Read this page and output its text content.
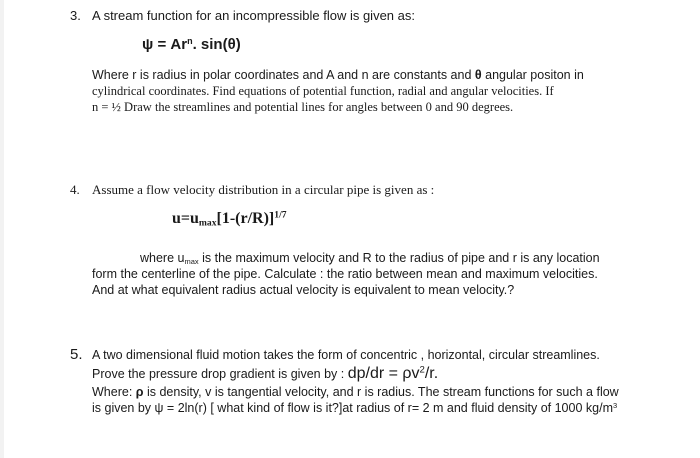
3. A stream function for an incompressible flow is given as:
$\psi = Ar^n$. sin(θ)
Where r is radius in polar coordinates and A and n are constants and θ angular positon in
cylindrical coordinates. Find equations of potential function, radial and angular velocities. If
n = ½ Draw the streamlines and potential lines for angles between 0 and 90 degrees.
4. Assume a flow velocity distribution in a circular pipe is given as :
$u=u_{max}[1-(r/R)]^{1/7}$
where $u_{max}$ is the maximum velocity and R to the radius of pipe and r is any location
form the centerline of the pipe. Calculate : the ratio between mean and maximum velocities.
And at what equivalent radius actual velocity is equivalent to mean velocity.?
5. A two dimensional fluid motion takes the form of concentric , horizontal, circular streamlines.
Prove the pressure drop gradient is given by : $dp/dr = \rho v^2/r$.
Where: ρ is density, v is tangential velocity, and r is radius. The stream functions for such a flow
is given by ψ = 2ln(r) [ what kind of flow is it?]at radius of r= 2 m and fluid density of 1000 $kg/m^3$
